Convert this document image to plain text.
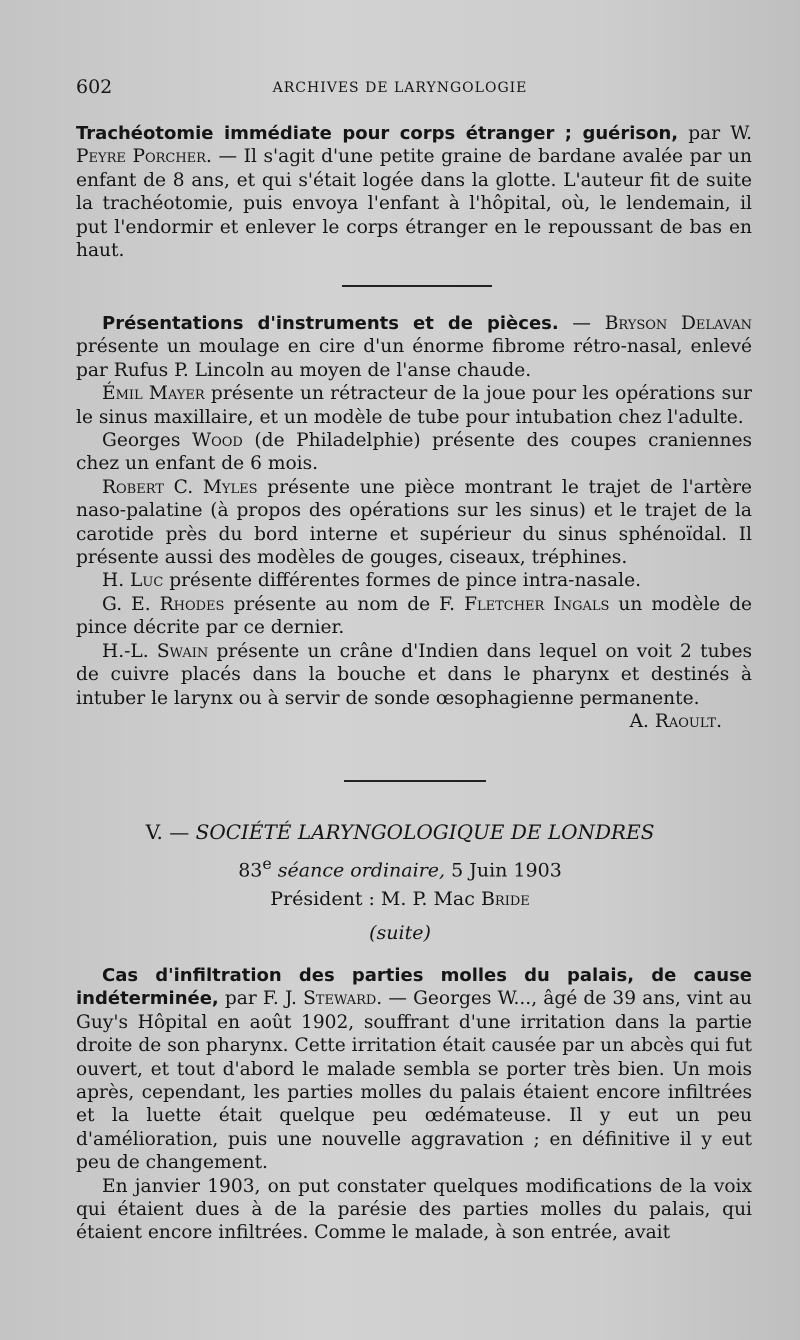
602	ARCHIVES DE LARYNGOLOGIE

Trachéotomie immédiate pour corps étranger ; guérison, par W. Peyre Porcher. — Il s'agit d'une petite graine de bardane avalée par un enfant de 8 ans, et qui s'était logée dans la glotte. L'auteur fit de suite la trachéotomie, puis envoya l'enfant à l'hôpital, où, le lendemain, il put l'endormir et enlever le corps étranger en le repoussant de bas en haut.

Présentations d'instruments et de pièces. — Bryson Delavan présente un moulage en cire d'un énorme fibrome rétro-nasal, enlevé par Rufus P. Lincoln au moyen de l'anse chaude.

Émil Mayer présente un rétracteur de la joue pour les opérations sur le sinus maxillaire, et un modèle de tube pour intubation chez l'adulte.

Georges Wood (de Philadelphie) présente des coupes craniennes chez un enfant de 6 mois.

Robert C. Myles présente une pièce montrant le trajet de l'artère naso-palatine (à propos des opérations sur les sinus) et le trajet de la carotide près du bord interne et supérieur du sinus sphénoïdal. Il présente aussi des modèles de gouges, ciseaux, tréphines.

H. Luc présente différentes formes de pince intra-nasale.

G. E. Rhodes présente au nom de F. Fletcher Ingals un modèle de pince décrite par ce dernier.

H.-L. Swain présente un crâne d'Indien dans lequel on voit 2 tubes de cuivre placés dans la bouche et dans le pharynx et destinés à intuber le larynx ou à servir de sonde œsophagienne permanente.

A. Raoult.

V. — SOCIÉTÉ LARYNGOLOGIQUE DE LONDRES
83e séance ordinaire, 5 Juin 1903
Président : M. P. Mac Bride
(suite)

Cas d'infiltration des parties molles du palais, de cause indéterminée, par F. J. Steward. — Georges W..., âgé de 39 ans, vint au Guy's Hôpital en août 1902, souffrant d'une irritation dans la partie droite de son pharynx. Cette irritation était causée par un abcès qui fut ouvert, et tout d'abord le malade sembla se porter très bien. Un mois après, cependant, les parties molles du palais étaient encore infiltrées et la luette était quelque peu œdémateuse. Il y eut un peu d'amélioration, puis une nouvelle aggravation ; en définitive il y eut peu de changement.

En janvier 1903, on put constater quelques modifications de la voix qui étaient dues à de la parésie des parties molles du palais, qui étaient encore infiltrées. Comme le malade, à son entrée, avait
